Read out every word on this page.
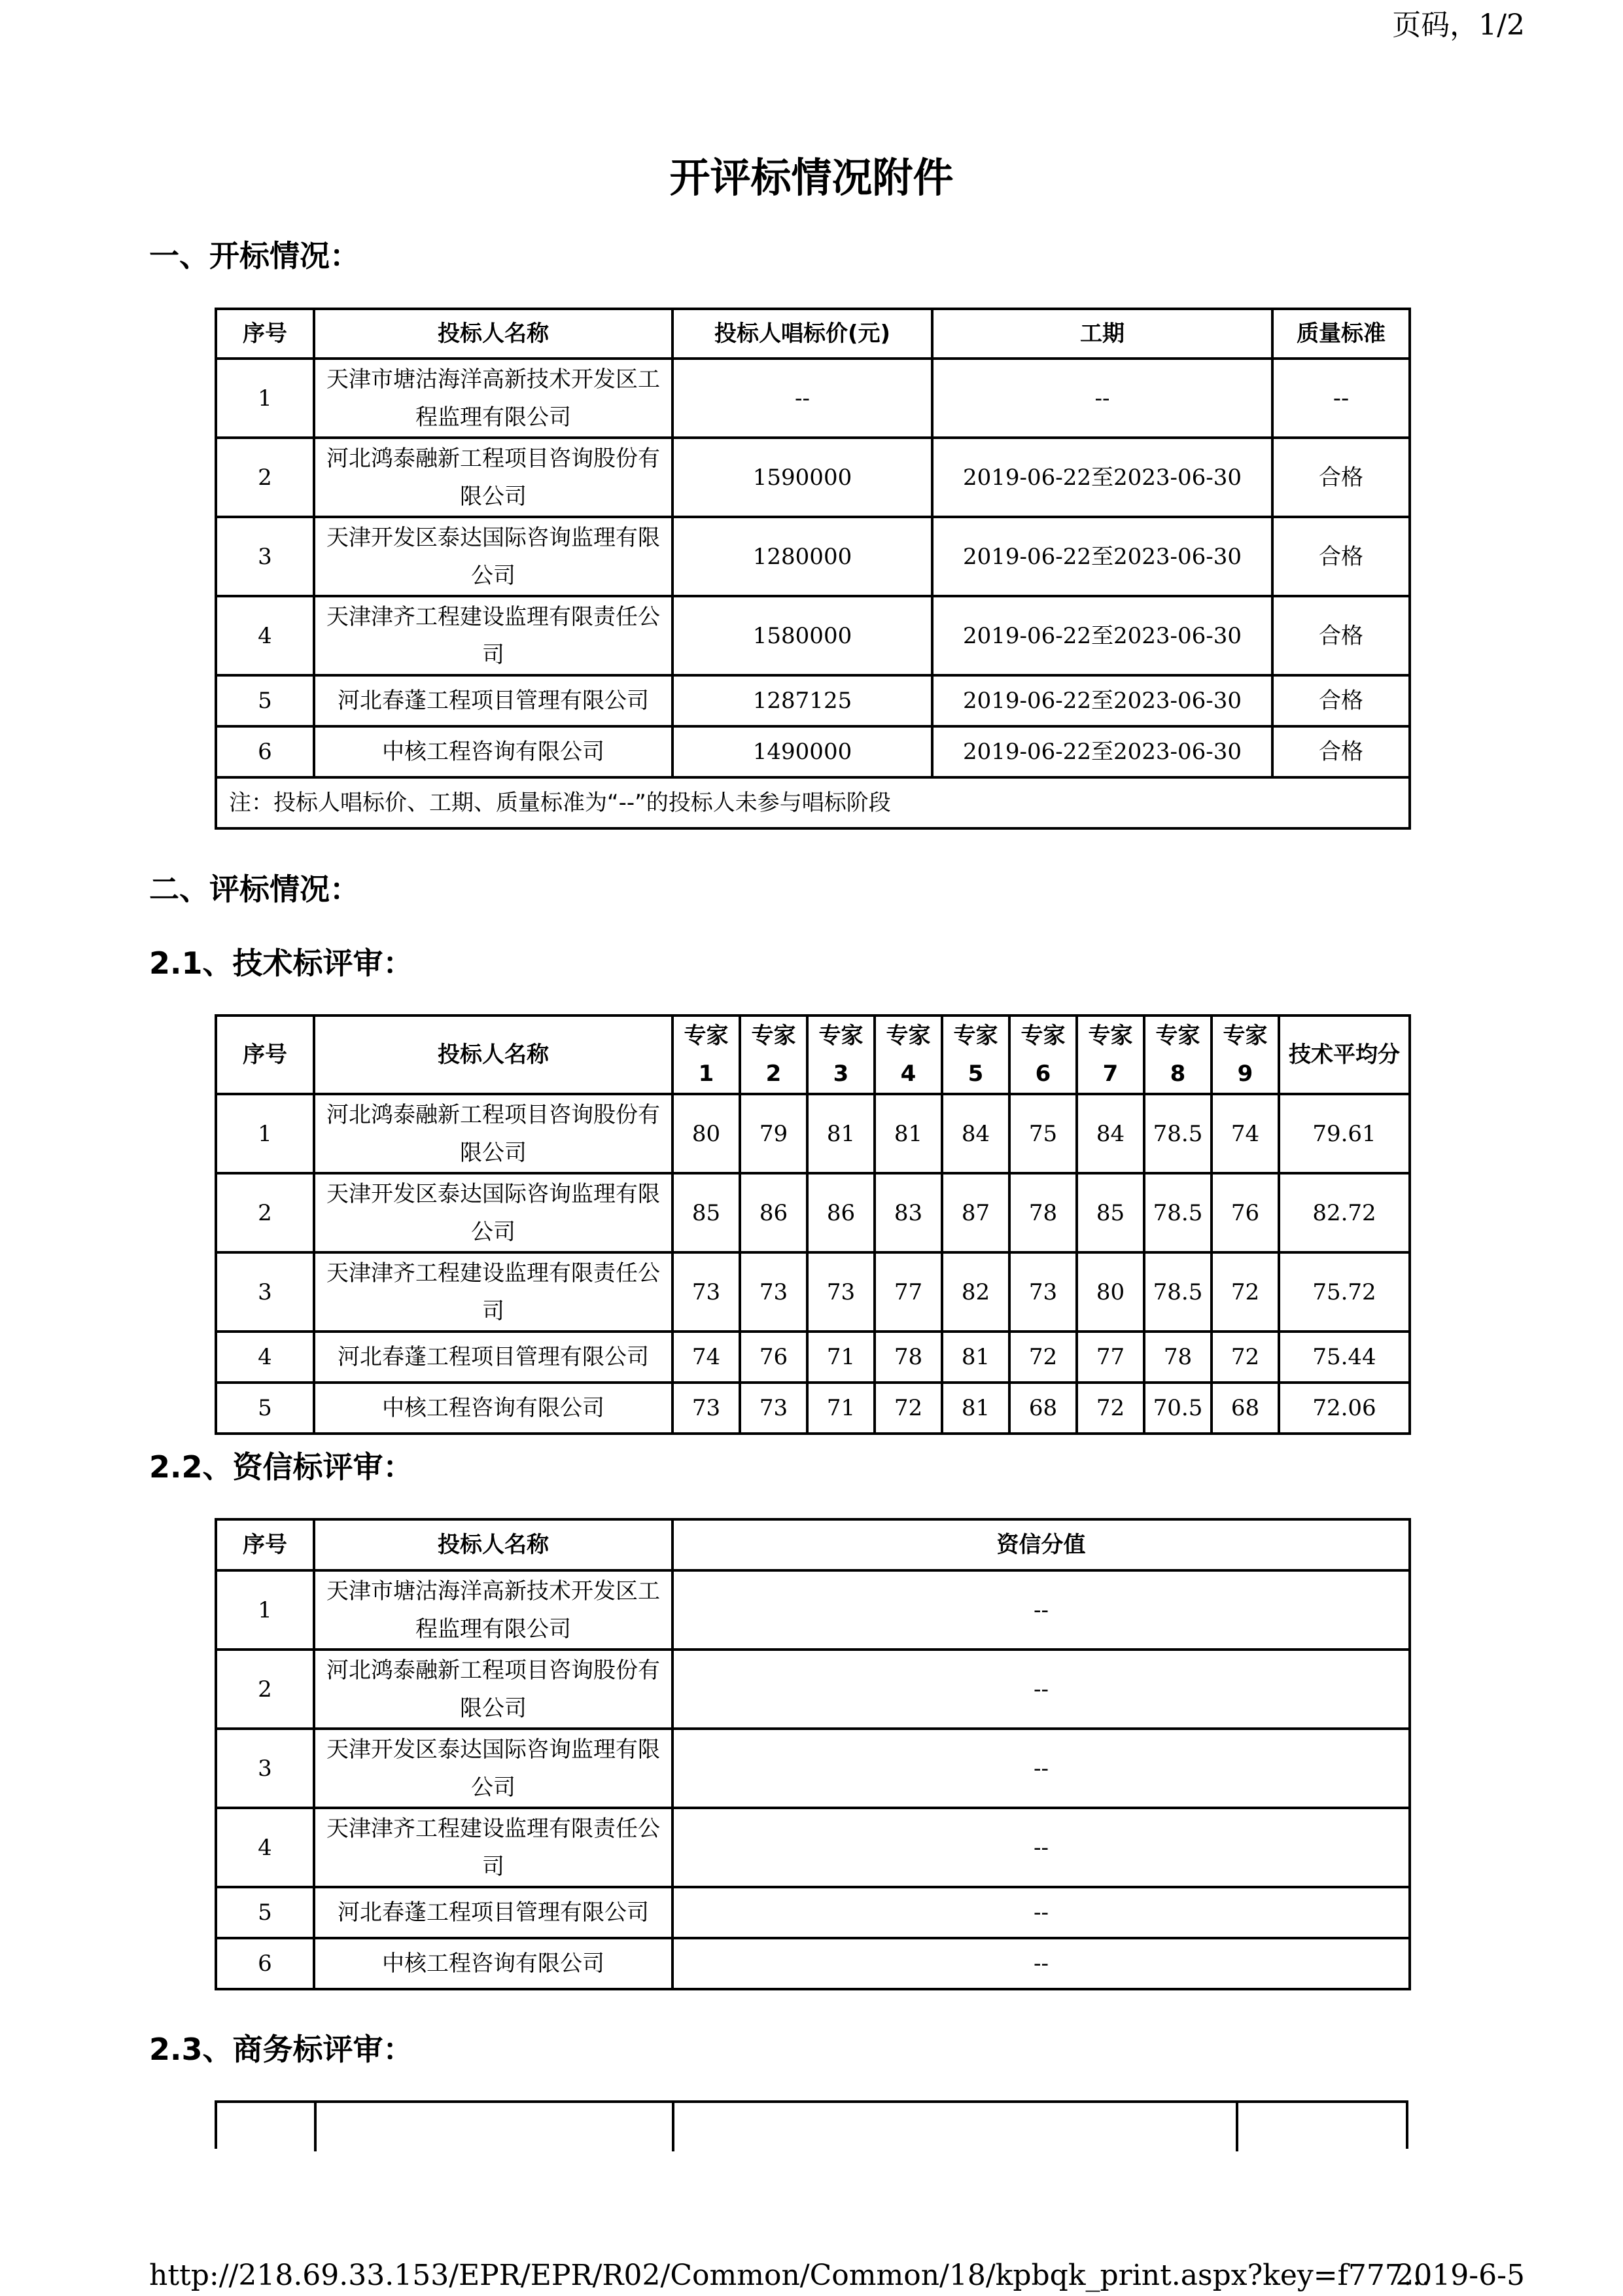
页码，1/2
开评标情况附件
一、开标情况：
序号	投标人名称	投标人唱标价(元)	工期	质量标准
1	天津市塘沽海洋高新技术开发区工程监理有限公司	--	--	--
2	河北鸿泰融新工程项目咨询股份有限公司	1590000	2019-06-22至2023-06-30	合格
3	天津开发区泰达国际咨询监理有限公司	1280000	2019-06-22至2023-06-30	合格
4	天津津齐工程建设监理有限责任公司	1580000	2019-06-22至2023-06-30	合格
5	河北春蓬工程项目管理有限公司	1287125	2019-06-22至2023-06-30	合格
6	中核工程咨询有限公司	1490000	2019-06-22至2023-06-30	合格
注：投标人唱标价、工期、质量标准为“--”的投标人未参与唱标阶段				
二、评标情况：
2.1、技术标评审：
序号	投标人名称	专家1	专家2	专家3	专家4	专家5	专家6	专家7	专家8	专家9	技术平均分
1	河北鸿泰融新工程项目咨询股份有限公司	80	79	81	81	84	75	84	78.5	74	79.61
2	天津开发区泰达国际咨询监理有限公司	85	86	86	83	87	78	85	78.5	76	82.72
3	天津津齐工程建设监理有限责任公司	73	73	73	77	82	73	80	78.5	72	75.72
4	河北春蓬工程项目管理有限公司	74	76	71	78	81	72	77	78	72	75.44
5	中核工程咨询有限公司	73	73	71	72	81	68	72	70.5	68	72.06
2.2、资信标评审：
序号	投标人名称	资信分值
1	天津市塘沽海洋高新技术开发区工程监理有限公司	--
2	河北鸿泰融新工程项目咨询股份有限公司	--
3	天津开发区泰达国际咨询监理有限公司	--
4	天津津齐工程建设监理有限责任公司	--
5	河北春蓬工程项目管理有限公司	--
6	中核工程咨询有限公司	--
2.3、商务标评审：
http://218.69.33.153/EPR/EPR/R02/Common/Common/18/kpbqk_print.aspx?key=f777...
2019-6-5
